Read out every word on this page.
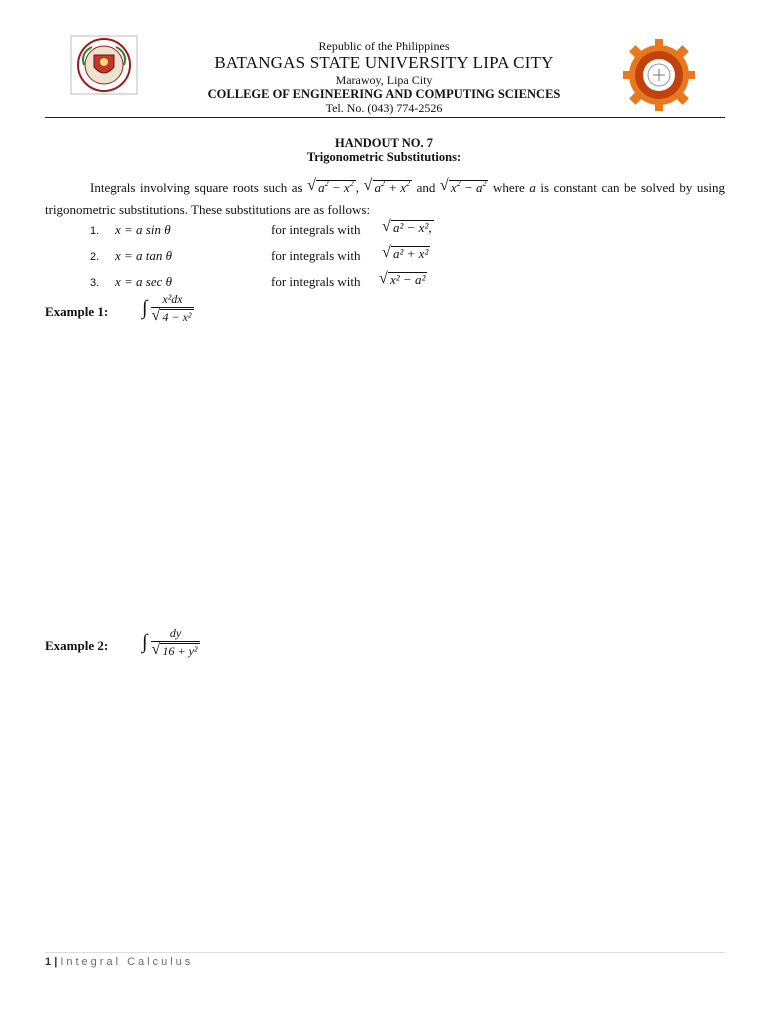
Republic of the Philippines
BATANGAS STATE UNIVERSITY LIPA CITY
Marawoy, Lipa City
COLLEGE OF ENGINEERING AND COMPUTING SCIENCES
Tel. No. (043) 774-2526
HANDOUT NO. 7
Trigonometric Substitutions:

Integrals involving square roots such as √ $a^2 - x^2$ , √ $a^2 + x^2$ and √ $x^2 - a^2$ where a is constant can be solved by using trigonometric substitutions. These substitutions are as follows:

1. x = a sin θ	for integrals with √ a² − x²,
2. x = a tan θ	for integrals with √ a² + x²
3. x = a sec θ	for integrals with √ x² − a²
Example 1: ∫ $\frac{\text{x²dx}}{\text{√ 4 − x²}}$
Example 2: ∫ $\frac{dy}{\text{√ 16 + y²}}$
1 | Integral Calculus
